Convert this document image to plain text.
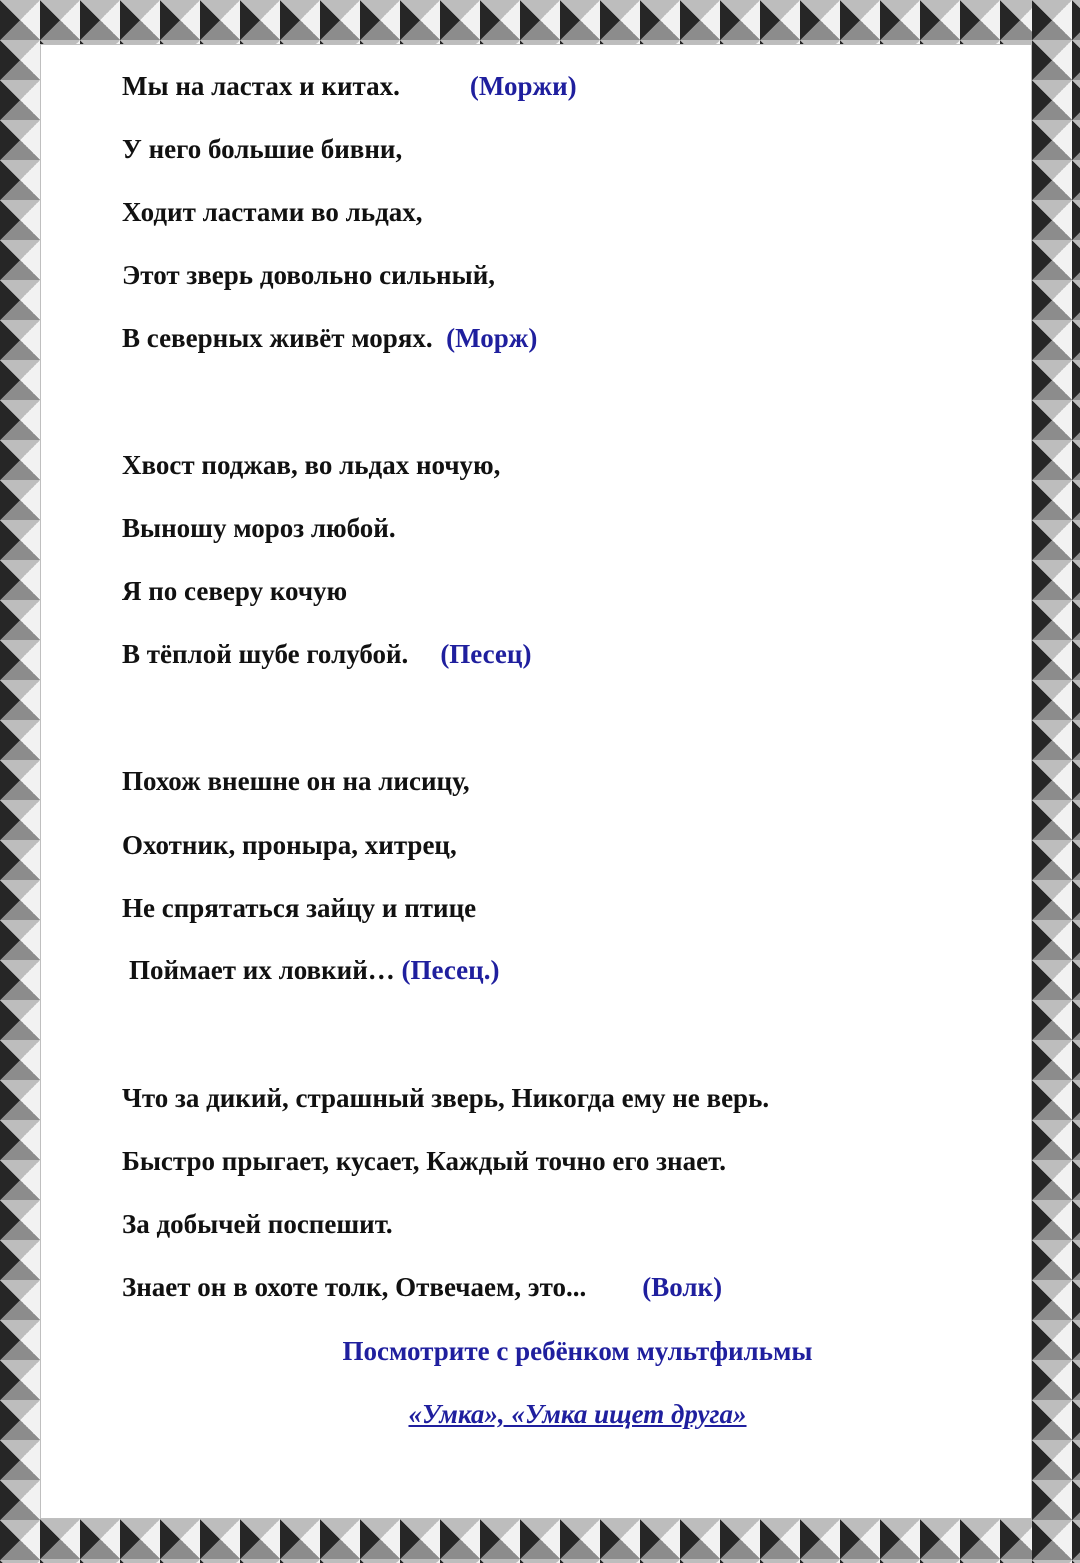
Мы на ластах и китах.	(Моржи)
У него большие бивни,
Ходит ластами во льдах,
Этот зверь довольно сильный,
В северных живёт морях. (Морж)
Хвост поджав, во льдах ночую,
Выношу мороз любой.
Я по северу кочую
В тёплой шубе голубой. (Песец)
Похож внешне он на лисицу,
Охотник, проныра, хитрец,
Не спрятаться зайцу и птице
Поймает их ловкий… (Песец.)
Что за дикий, страшный зверь, Никогда ему не верь.
Быстро прыгает, кусает, Каждый точно его знает.
За добычей поспешит.
Знает он в охоте толк, Отвечаем, это... (Волк)
Посмотрите с ребёнком мультфильмы
«Умка», «Умка ищет друга»
